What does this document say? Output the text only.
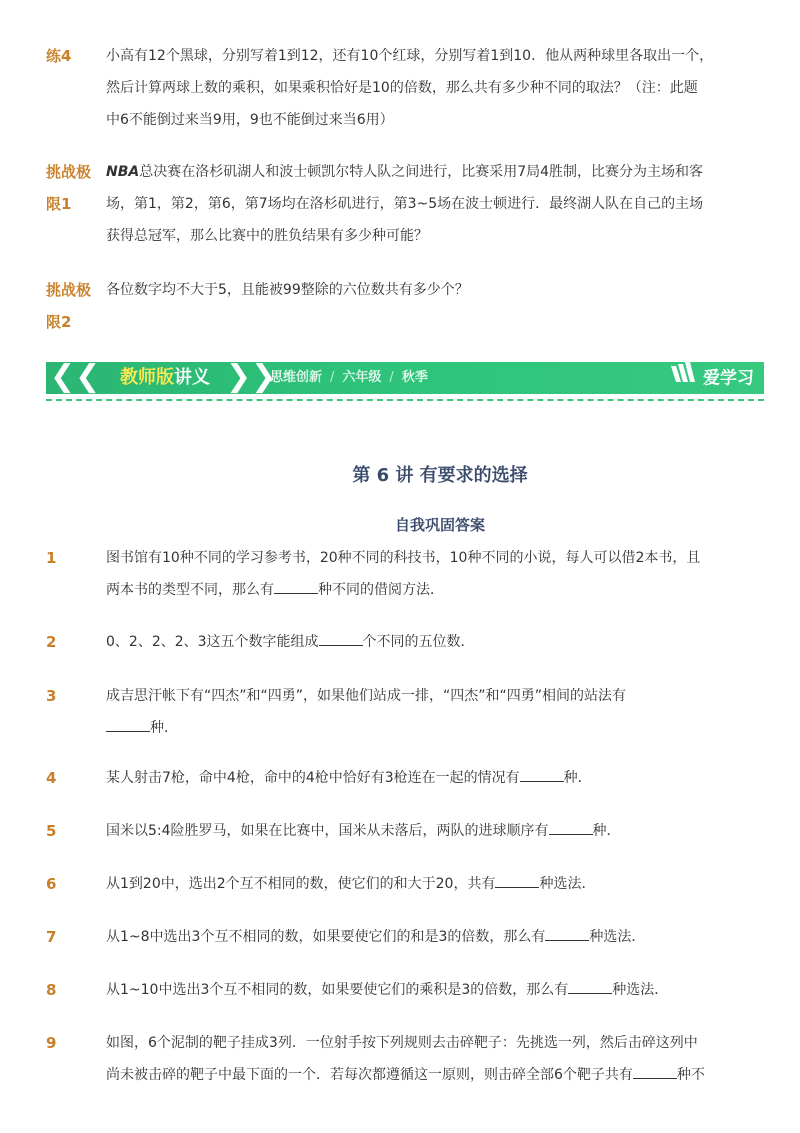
练4	小高有12个黑球，分别写着1到12，还有10个红球，分别写着1到10．他从两种球里各取出一个，

然后计算两球上数的乘积，如果乘积恰好是10的倍数，那么共有多少种不同的取法？（注：此题

中6不能倒过来当9用，9也不能倒过来当6用）

挑战极
限1

NBA总决赛在洛杉矶湖人和波士顿凯尔特人队之间进行，比赛采用7局4胜制，比赛分为主场和客

场，第1，第2，第6，第7场均在洛杉矶进行，第3~5场在波士顿进行．最终湖人队在自己的主场

获得总冠军，那么比赛中的胜负结果有多少种可能？

挑战极
限2

各位数字均不大于5，且能被99整除的六位数共有多少个？

❮❮ 教师版讲义 ❯❯
思维创新 / 六年级 / 秋季	爱学习
第 6 讲 有要求的选择
自我巩固答案
1	图书馆有10种不同的学习参考书，20种不同的科技书，10种不同的小说，每人可以借2本书，且

两本书的类型不同，那么有	种不同的借阅方法．

2	0、2、2、2、3这五个数字能组成	个不同的五位数．

3	成吉思汗帐下有“四杰”和“四勇”，如果他们站成一排，“四杰”和“四勇”相间的站法有

种．

4	某人射击7枪，命中4枪，命中的4枪中恰好有3枪连在一起的情况有	种．

5	国米以5:4险胜罗马，如果在比赛中，国米从未落后，两队的进球顺序有	种．

6	从1到20中，选出2个互不相同的数，使它们的和大于20，共有	种选法．

7	从1~8中选出3个互不相同的数，如果要使它们的和是3的倍数，那么有	种选法．

8	从1~10中选出3个互不相同的数，如果要使它们的乘积是3的倍数，那么有	种选法．

9	如图，6个泥制的靶子挂成3列．一位射手按下列规则去击碎靶子：先挑选一列，然后击碎这列中

尚未被击碎的靶子中最下面的一个．若每次都遵循这一原则，则击碎全部6个靶子共有	种不
